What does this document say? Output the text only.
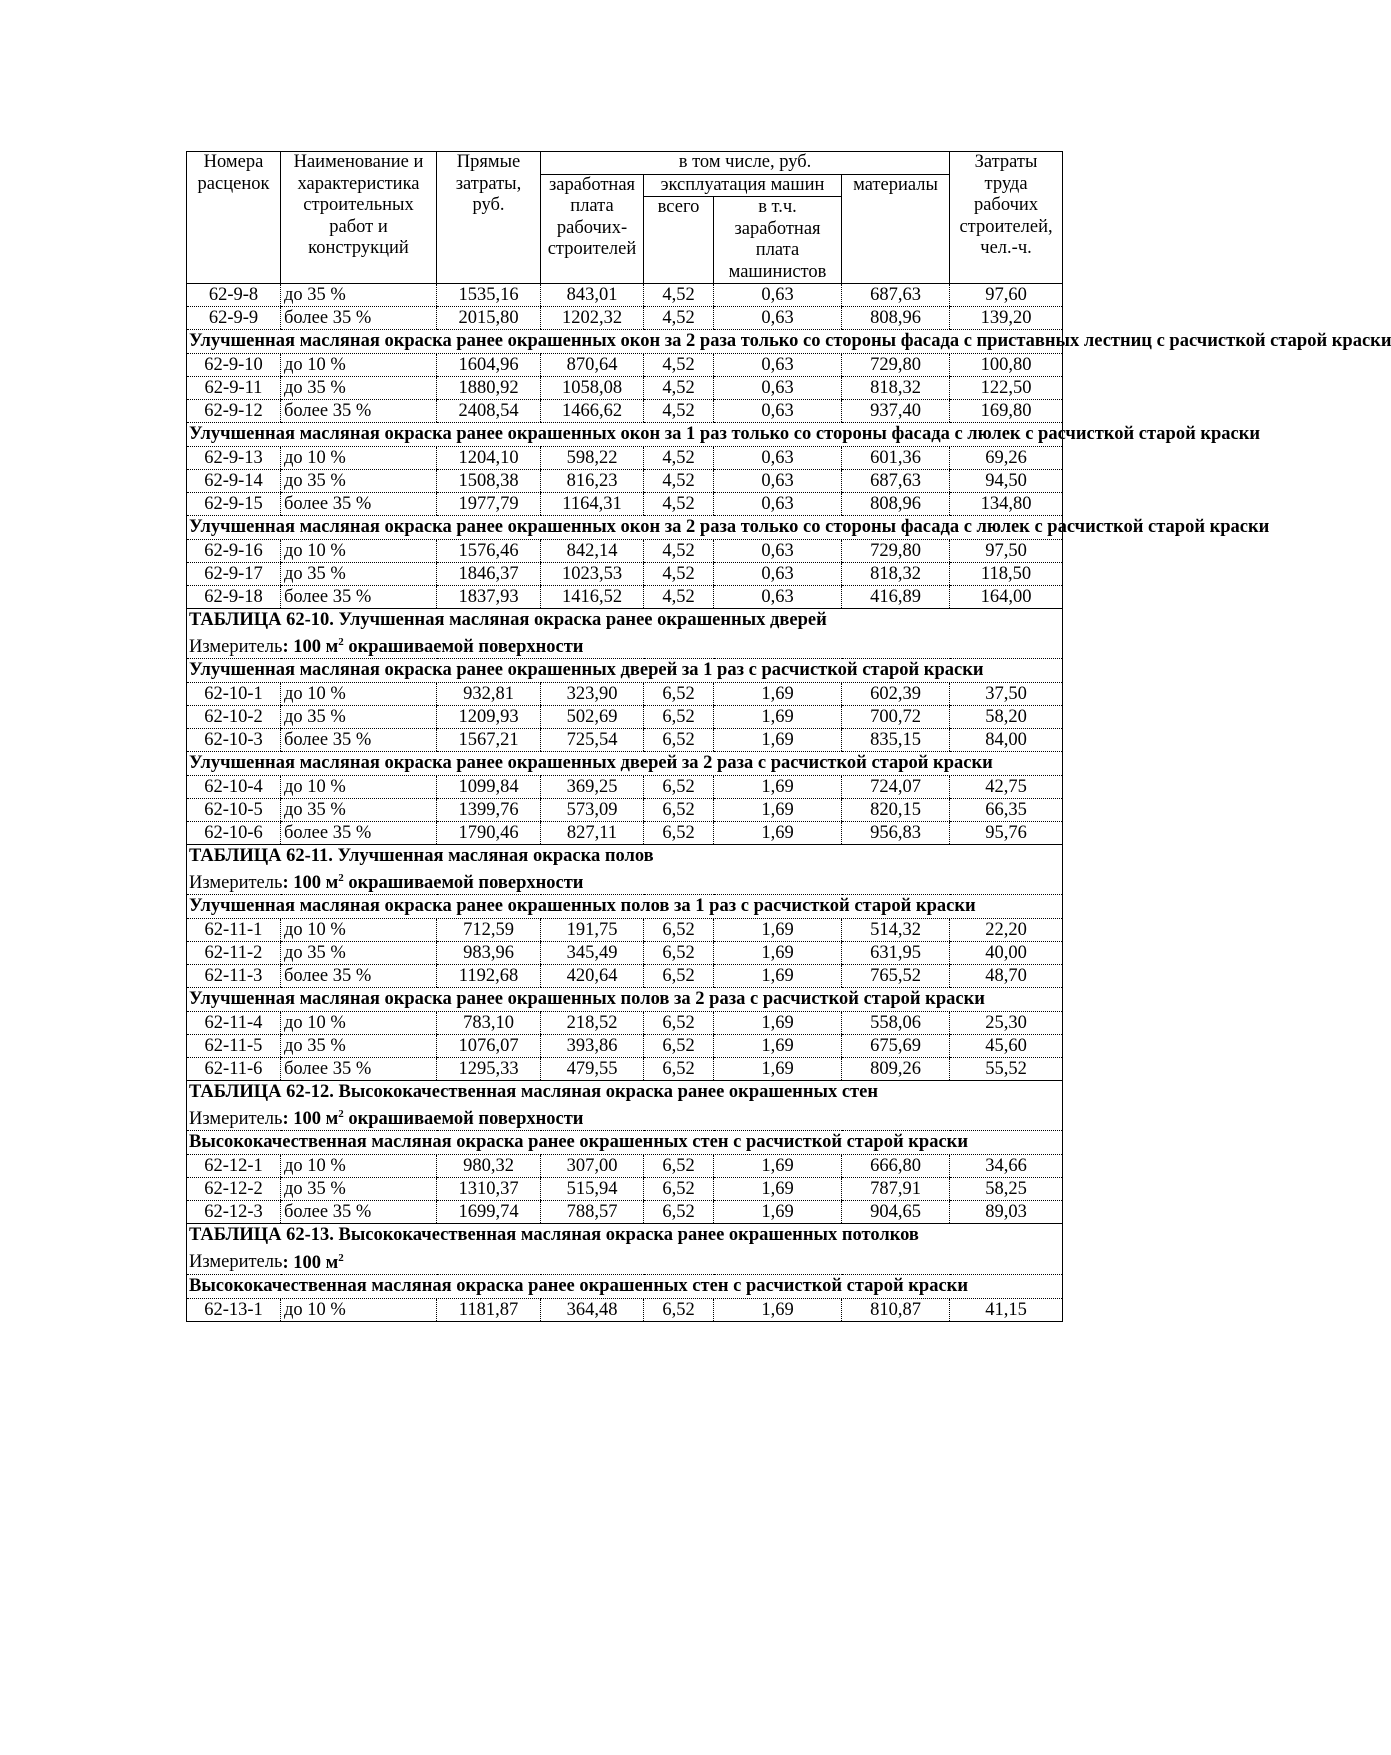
Номера расценок	Наименование и характеристика строительных работ и конструкций	Прямые затраты, руб.	в том числе, руб.				Затраты труда рабочих строителей, чел.-ч.
			заработная плата рабочих-строителей	эксплуатация машин		материалы	
				всего	в т.ч. заработная плата машинистов		
62-9-8	до 35 %	1535,16	843,01	4,52	0,63	687,63	97,60
62-9-9	более 35 %	2015,80	1202,32	4,52	0,63	808,96	139,20
Улучшенная масляная окраска ранее окрашенных окон за 2 раза только со стороны фасада с приставных лестниц с расчисткой старой краски							
62-9-10	до 10 %	1604,96	870,64	4,52	0,63	729,80	100,80
62-9-11	до 35 %	1880,92	1058,08	4,52	0,63	818,32	122,50
62-9-12	более 35 %	2408,54	1466,62	4,52	0,63	937,40	169,80
Улучшенная масляная окраска ранее окрашенных окон за 1 раз только со стороны фасада с люлек с расчисткой старой краски							
62-9-13	до 10 %	1204,10	598,22	4,52	0,63	601,36	69,26
62-9-14	до 35 %	1508,38	816,23	4,52	0,63	687,63	94,50
62-9-15	более 35 %	1977,79	1164,31	4,52	0,63	808,96	134,80
Улучшенная масляная окраска ранее окрашенных окон за 2 раза только со стороны фасада с люлек с расчисткой старой краски							
62-9-16	до 10 %	1576,46	842,14	4,52	0,63	729,80	97,50
62-9-17	до 35 %	1846,37	1023,53	4,52	0,63	818,32	118,50
62-9-18	более 35 %	1837,93	1416,52	4,52	0,63	416,89	164,00
ТАБЛИЦА 62-10. Улучшенная масляная окраска ранее окрашенных дверей							
Измеритель: 100 $м^2$ окрашиваемой поверхности							
Улучшенная масляная окраска ранее окрашенных дверей за 1 раз с расчисткой старой краски							
62-10-1	до 10 %	932,81	323,90	6,52	1,69	602,39	37,50
62-10-2	до 35 %	1209,93	502,69	6,52	1,69	700,72	58,20
62-10-3	более 35 %	1567,21	725,54	6,52	1,69	835,15	84,00
Улучшенная масляная окраска ранее окрашенных дверей за 2 раза с расчисткой старой краски							
62-10-4	до 10 %	1099,84	369,25	6,52	1,69	724,07	42,75
62-10-5	до 35 %	1399,76	573,09	6,52	1,69	820,15	66,35
62-10-6	более 35 %	1790,46	827,11	6,52	1,69	956,83	95,76
ТАБЛИЦА 62-11. Улучшенная масляная окраска полов							
Измеритель: 100 $м^2$ окрашиваемой поверхности							
Улучшенная масляная окраска ранее окрашенных полов за 1 раз с расчисткой старой краски							
62-11-1	до 10 %	712,59	191,75	6,52	1,69	514,32	22,20
62-11-2	до 35 %	983,96	345,49	6,52	1,69	631,95	40,00
62-11-3	более 35 %	1192,68	420,64	6,52	1,69	765,52	48,70
Улучшенная масляная окраска ранее окрашенных полов за 2 раза с расчисткой старой краски							
62-11-4	до 10 %	783,10	218,52	6,52	1,69	558,06	25,30
62-11-5	до 35 %	1076,07	393,86	6,52	1,69	675,69	45,60
62-11-6	более 35 %	1295,33	479,55	6,52	1,69	809,26	55,52
ТАБЛИЦА 62-12. Высококачественная масляная окраска ранее окрашенных стен							
Измеритель: 100 $м^2$ окрашиваемой поверхности							
Высококачественная масляная окраска ранее окрашенных стен с расчисткой старой краски							
62-12-1	до 10 %	980,32	307,00	6,52	1,69	666,80	34,66
62-12-2	до 35 %	1310,37	515,94	6,52	1,69	787,91	58,25
62-12-3	более 35 %	1699,74	788,57	6,52	1,69	904,65	89,03
ТАБЛИЦА 62-13. Высококачественная масляная окраска ранее окрашенных потолков							
Измеритель: 100 $м^2$
Высококачественная масляная окраска ранее окрашенных стен с расчисткой старой краски							
62-13-1	до 10 %	1181,87	364,48	6,52	1,69	810,87	41,15
